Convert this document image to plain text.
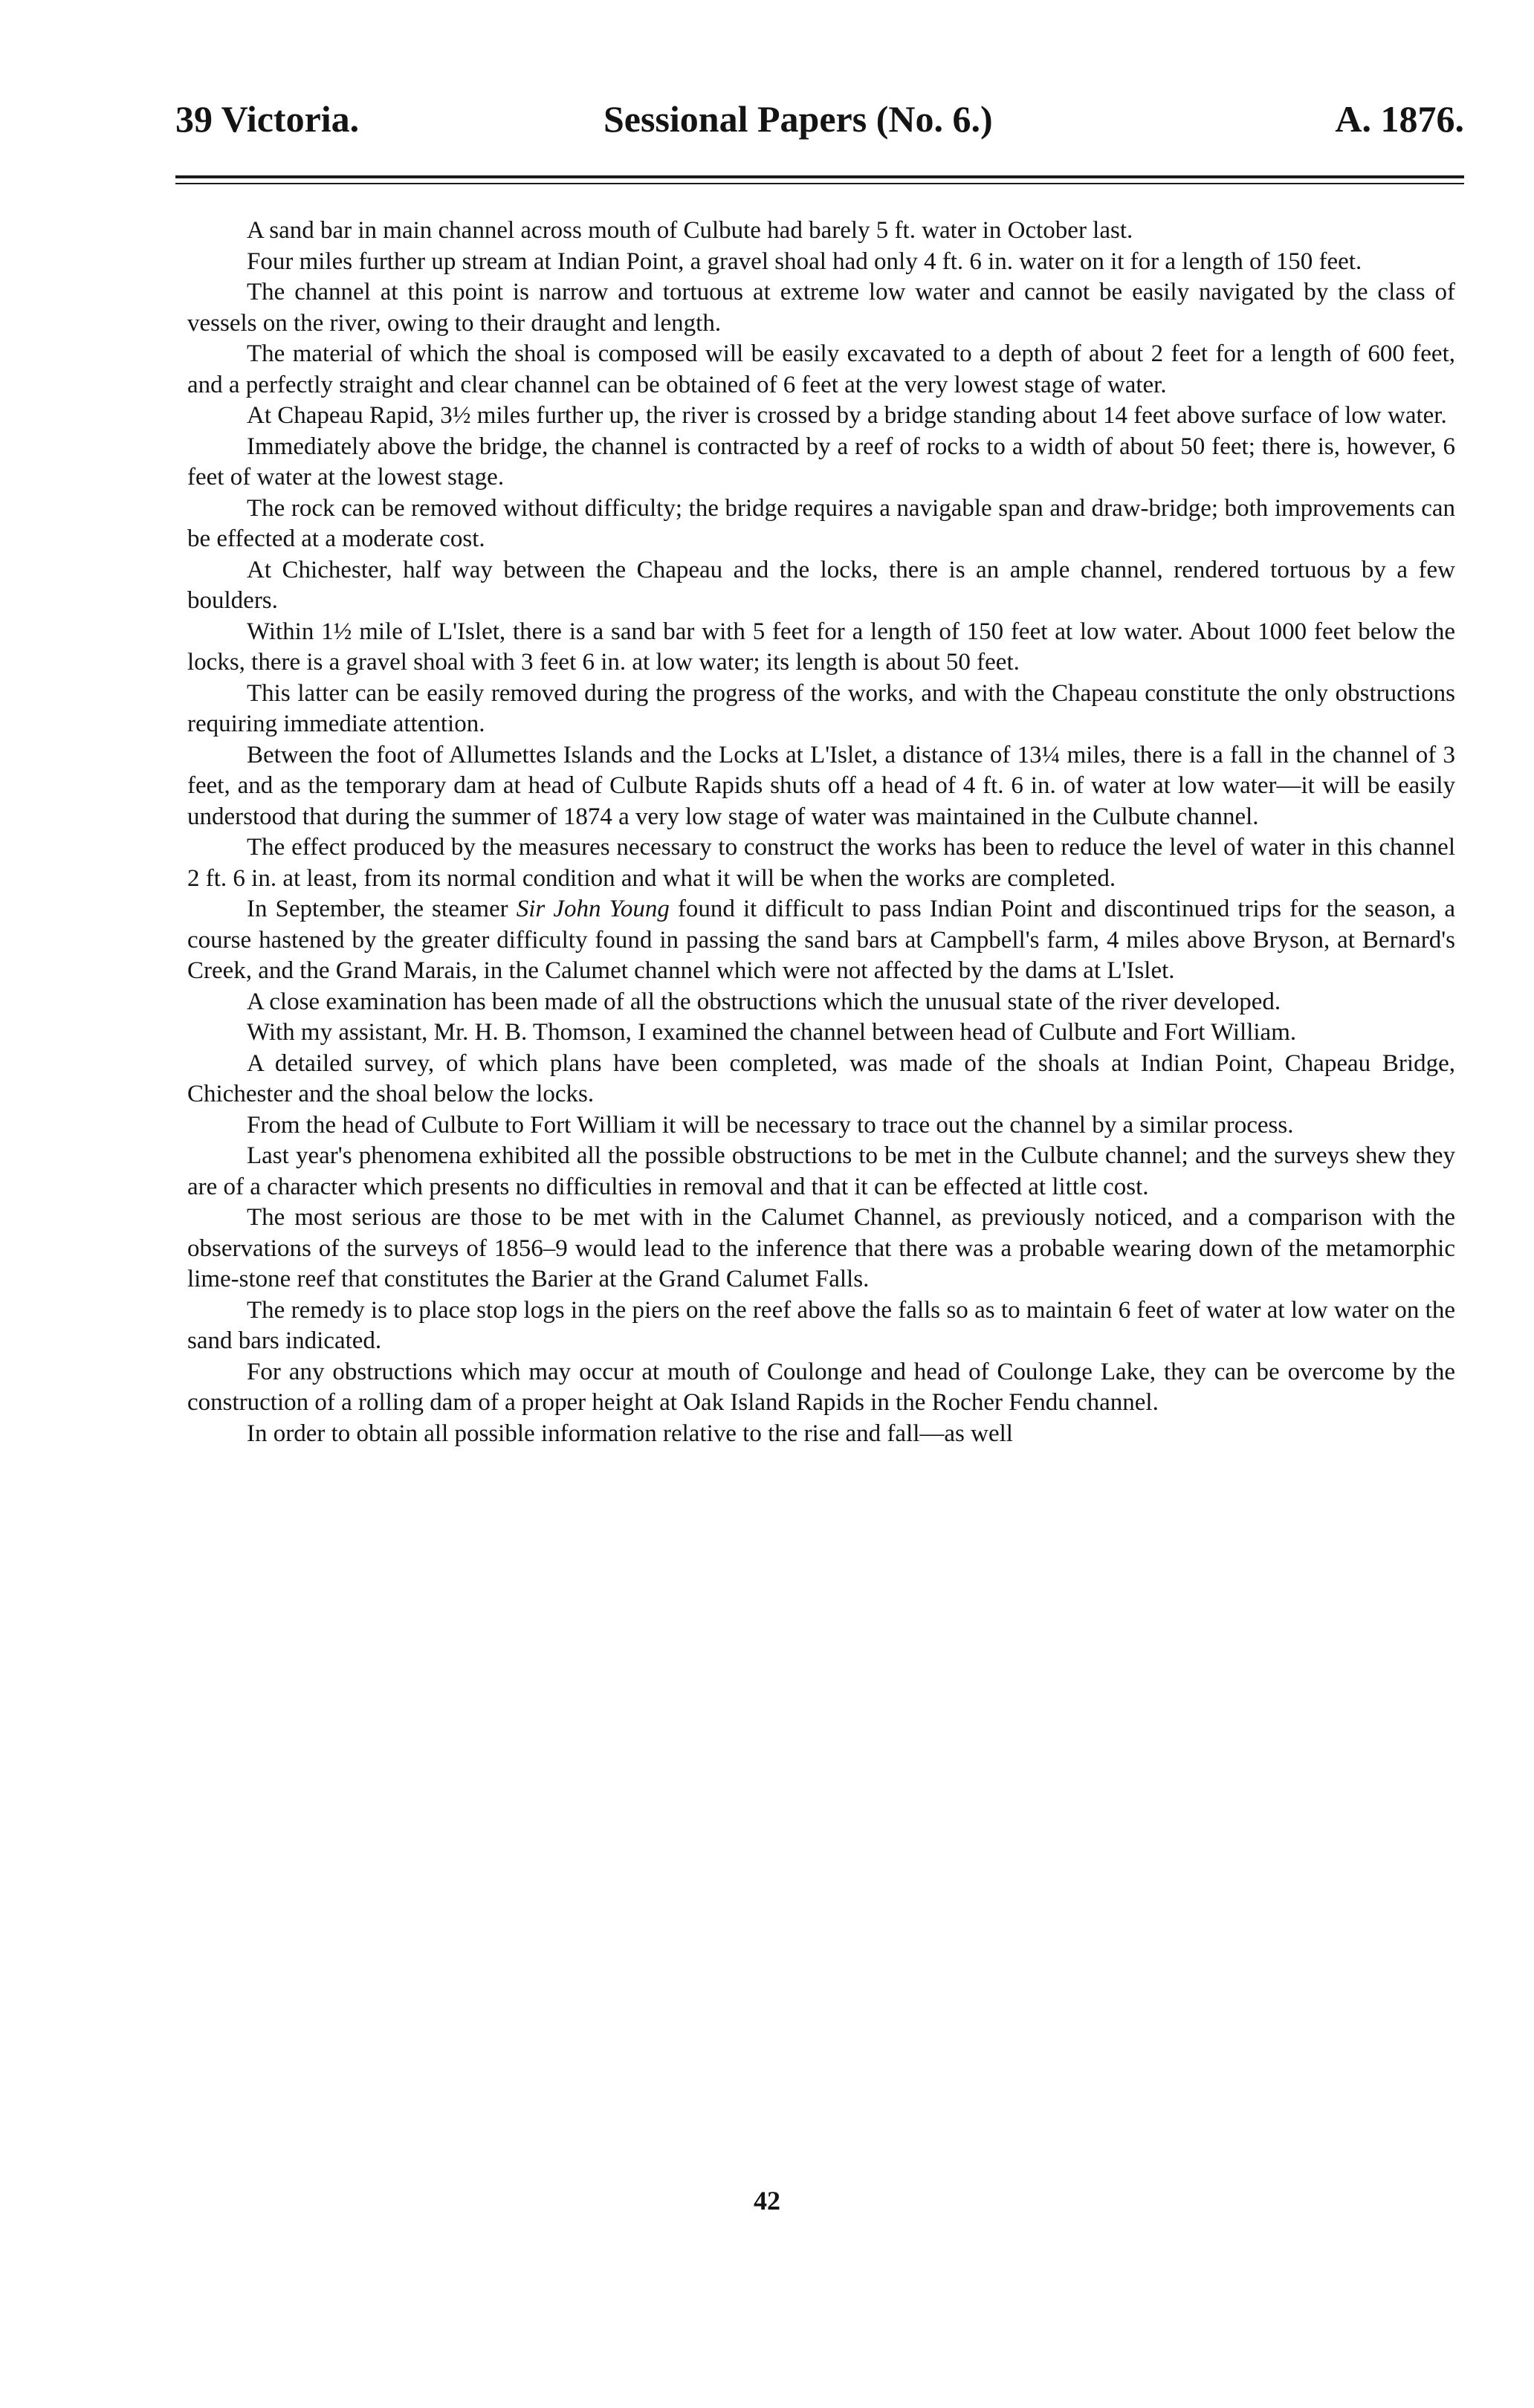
39 Victoria.	Sessional Papers (No. 6.)	A. 1876.

A sand bar in main channel across mouth of Culbute had barely 5 ft. water in October last.

Four miles further up stream at Indian Point, a gravel shoal had only 4 ft. 6 in. water on it for a length of 150 feet.

The channel at this point is narrow and tortuous at extreme low water and cannot be easily navigated by the class of vessels on the river, owing to their draught and length.

The material of which the shoal is composed will be easily excavated to a depth of about 2 feet for a length of 600 feet, and a perfectly straight and clear channel can be obtained of 6 feet at the very lowest stage of water.

At Chapeau Rapid, 3½ miles further up, the river is crossed by a bridge standing about 14 feet above surface of low water.

Immediately above the bridge, the channel is contracted by a reef of rocks to a width of about 50 feet; there is, however, 6 feet of water at the lowest stage.

The rock can be removed without difficulty; the bridge requires a navigable span and draw-bridge; both improvements can be effected at a moderate cost.

At Chichester, half way between the Chapeau and the locks, there is an ample channel, rendered tortuous by a few boulders.

Within 1½ mile of L'Islet, there is a sand bar with 5 feet for a length of 150 feet at low water. About 1000 feet below the locks, there is a gravel shoal with 3 feet 6 in. at low water; its length is about 50 feet.

This latter can be easily removed during the progress of the works, and with the Chapeau constitute the only obstructions requiring immediate attention.

Between the foot of Allumettes Islands and the Locks at L'Islet, a distance of 13¼ miles, there is a fall in the channel of 3 feet, and as the temporary dam at head of Culbute Rapids shuts off a head of 4 ft. 6 in. of water at low water—it will be easily understood that during the summer of 1874 a very low stage of water was maintained in the Culbute channel.

The effect produced by the measures necessary to construct the works has been to reduce the level of water in this channel 2 ft. 6 in. at least, from its normal condition and what it will be when the works are completed.

In September, the steamer Sir John Young found it difficult to pass Indian Point and discontinued trips for the season, a course hastened by the greater difficulty found in passing the sand bars at Campbell's farm, 4 miles above Bryson, at Bernard's Creek, and the Grand Marais, in the Calumet channel which were not affected by the dams at L'Islet.

A close examination has been made of all the obstructions which the unusual state of the river developed.

With my assistant, Mr. H. B. Thomson, I examined the channel between head of Culbute and Fort William.

A detailed survey, of which plans have been completed, was made of the shoals at Indian Point, Chapeau Bridge, Chichester and the shoal below the locks.

From the head of Culbute to Fort William it will be necessary to trace out the channel by a similar process.

Last year's phenomena exhibited all the possible obstructions to be met in the Culbute channel; and the surveys shew they are of a character which presents no difficulties in removal and that it can be effected at little cost.

The most serious are those to be met with in the Calumet Channel, as previously noticed, and a comparison with the observations of the surveys of 1856–9 would lead to the inference that there was a probable wearing down of the metamorphic lime-stone reef that constitutes the Barier at the Grand Calumet Falls.

The remedy is to place stop logs in the piers on the reef above the falls so as to maintain 6 feet of water at low water on the sand bars indicated.

For any obstructions which may occur at mouth of Coulonge and head of Coulonge Lake, they can be overcome by the construction of a rolling dam of a proper height at Oak Island Rapids in the Rocher Fendu channel.

In order to obtain all possible information relative to the rise and fall—as well

42
